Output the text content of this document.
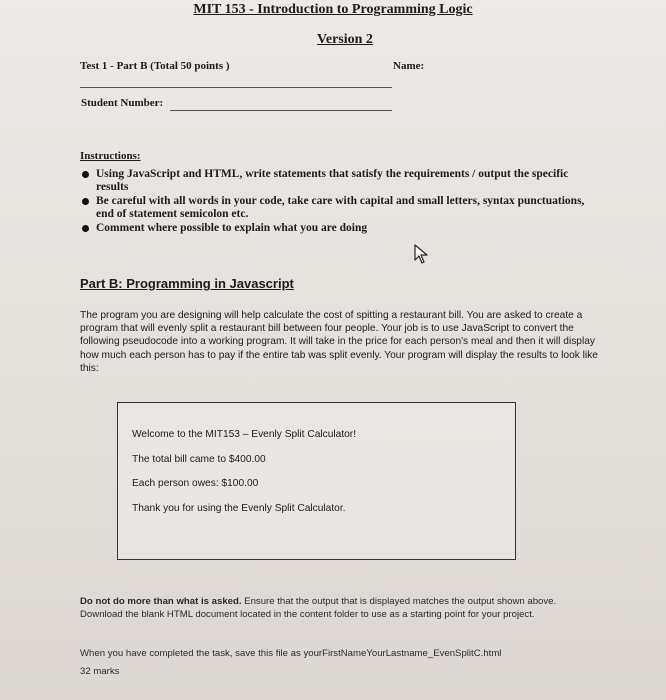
MIT 153 - Introduction to Programming Logic
Version 2
Test 1 - Part B (Total 50 points )	Name:
Student Number:
Instructions:
Using JavaScript and HTML, write statements that satisfy the requirements / output the specific results
Be careful with all words in your code, take care with capital and small letters, syntax punctuations, end of statement semicolon etc.
Comment where possible to explain what you are doing
Part B: Programming in Javascript

The program you are designing will help calculate the cost of spitting a restaurant bill. You are asked to create a program that will evenly split a restaurant bill between four people. Your job is to use JavaScript to convert the following pseudocode into a working program. It will take in the price for each person's meal and then it will display how much each person has to pay if the entire tab was split evenly. Your program will display the results to look like this:

Welcome to the MIT153 – Evenly Split Calculator!
The total bill came to $400.00
Each person owes: $100.00
Thank you for using the Evenly Split Calculator.

Do not do more than what is asked. Ensure that the output that is displayed matches the output shown above. Download the blank HTML document located in the content folder to use as a starting point for your project.

When you have completed the task, save this file as yourFirstNameYourLastname_EvenSplitC.html

32 marks
